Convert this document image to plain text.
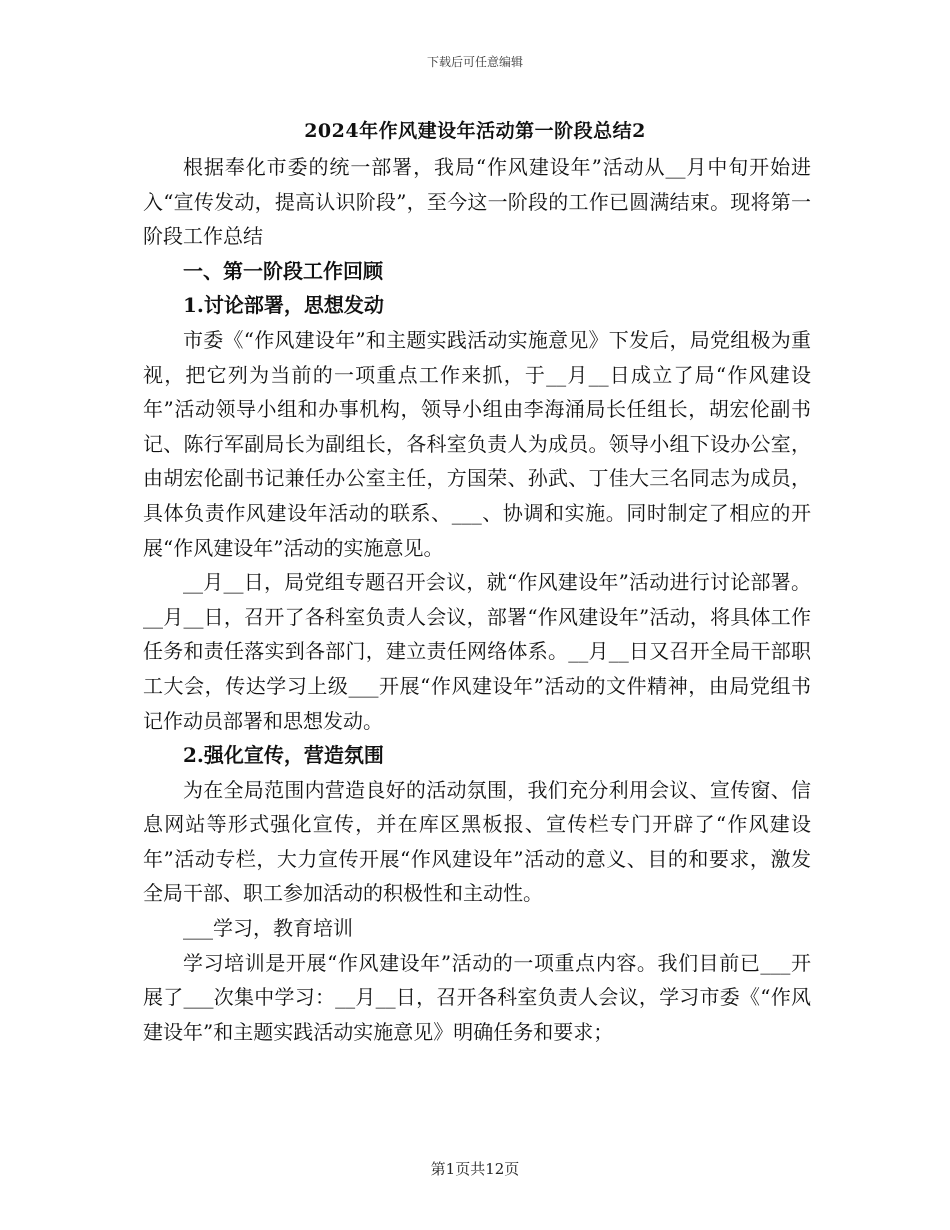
下载后可任意编辑
2024年作风建设年活动第一阶段总结2

根据奉化市委的统一部署，我局“作风建设年”活动从__月中旬开始进入“宣传发动，提高认识阶段”，至今这一阶段的工作已圆满结束。现将第一阶段工作总结

一、第一阶段工作回顾

1.讨论部署，思想发动

市委《“作风建设年”和主题实践活动实施意见》下发后，局党组极为重视，把它列为当前的一项重点工作来抓，于__月__日成立了局“作风建设年”活动领导小组和办事机构，领导小组由李海涌局长任组长，胡宏伦副书记、陈行军副局长为副组长，各科室负责人为成员。领导小组下设办公室，由胡宏伦副书记兼任办公室主任，方国荣、孙武、丁佳大三名同志为成员，具体负责作风建设年活动的联系、___、协调和实施。同时制定了相应的开展“作风建设年”活动的实施意见。

__月__日，局党组专题召开会议，就“作风建设年”活动进行讨论部署。__月__日，召开了各科室负责人会议，部署“作风建设年”活动，将具体工作任务和责任落实到各部门，建立责任网络体系。__月__日又召开全局干部职工大会，传达学习上级___开展“作风建设年”活动的文件精神，由局党组书记作动员部署和思想发动。

2.强化宣传，营造氛围

为在全局范围内营造良好的活动氛围，我们充分利用会议、宣传窗、信息网站等形式强化宣传，并在库区黑板报、宣传栏专门开辟了“作风建设年”活动专栏，大力宣传开展“作风建设年”活动的意义、目的和要求，激发全局干部、职工参加活动的积极性和主动性。

___学习，教育培训

学习培训是开展“作风建设年”活动的一项重点内容。我们目前已___开展了___次集中学习：__月__日，召开各科室负责人会议，学习市委《“作风建设年”和主题实践活动实施意见》明确任务和要求；

第1页共12页
